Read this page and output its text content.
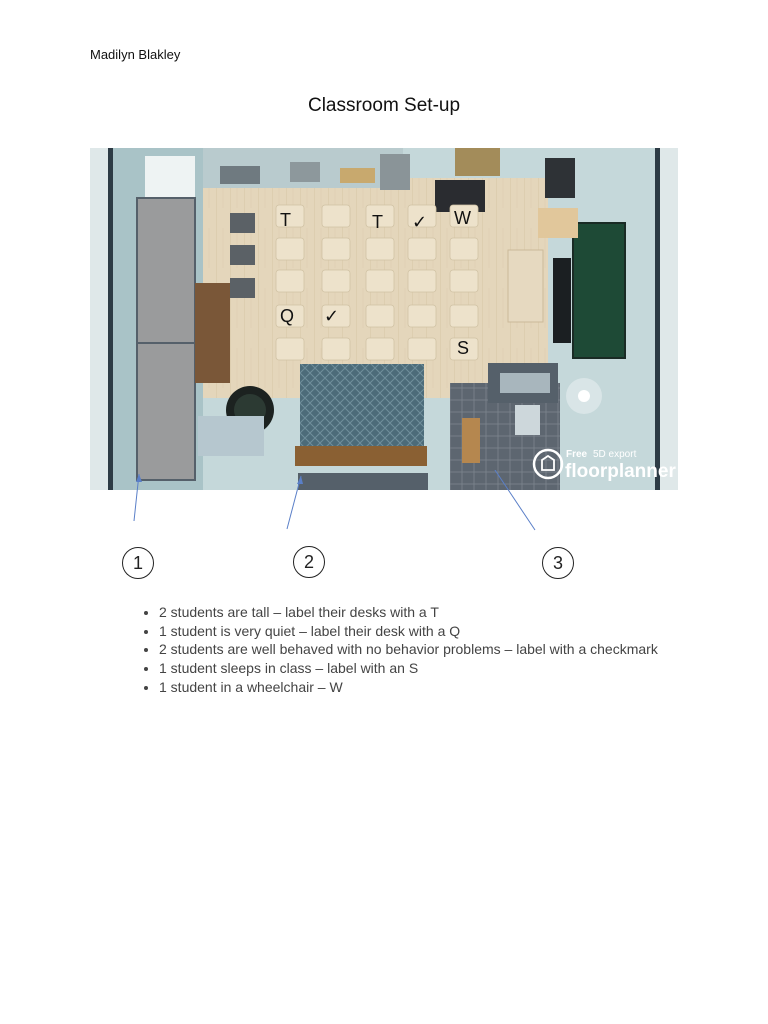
Madilyn Blakley
Classroom Set-up
T	T ✓ W
Q ✓
S
Free 5D export
floorplanner
1	2	3
• 2 students are tall – label their desks with a T
• 1 student is very quiet – label their desk with a Q
• 2 students are well behaved with no behavior problems – label with a checkmark
• 1 student sleeps in class – label with an S
• 1 student in a wheelchair – W
